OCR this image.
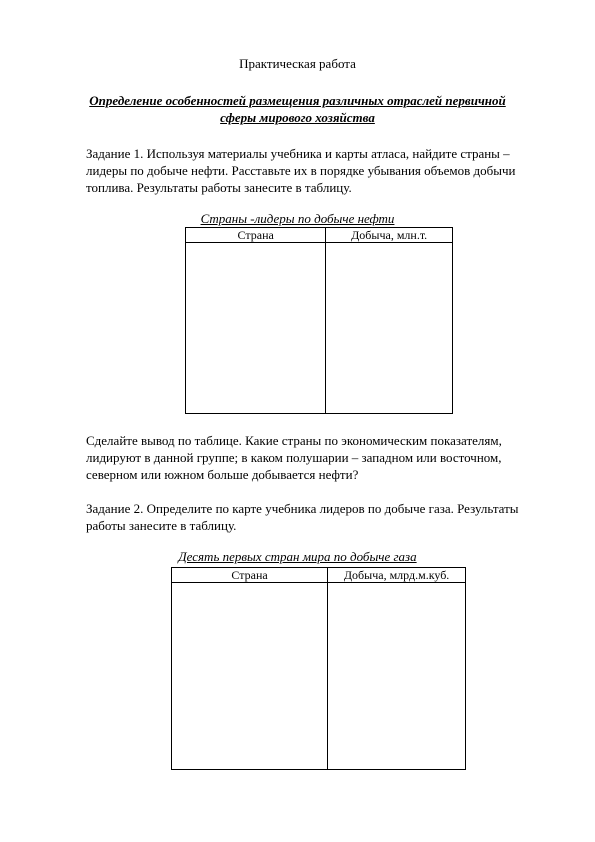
Практическая работа
Определение особенностей размещения различных отраслей первичной
сферы мирового хозяйства
Задание 1. Используя материалы учебника и карты атласа, найдите страны –
лидеры по добыче нефти. Расставьте их в порядке убывания объемов добычи
топлива. Результаты работы занесите в таблицу.
Страны -лидеры по добыче нефти
Страна	Добыча, млн.т.

Сделайте вывод по таблице. Какие страны по экономическим показателям,
лидируют в данной группе; в каком полушарии – западном или восточном,
северном или южном больше добывается нефти?
Задание 2. Определите по карте учебника лидеров по добыче газа. Результаты
работы занесите в таблицу.
Десять первых стран мира по добыче газа
Страна	Добыча, млрд.м.куб.
